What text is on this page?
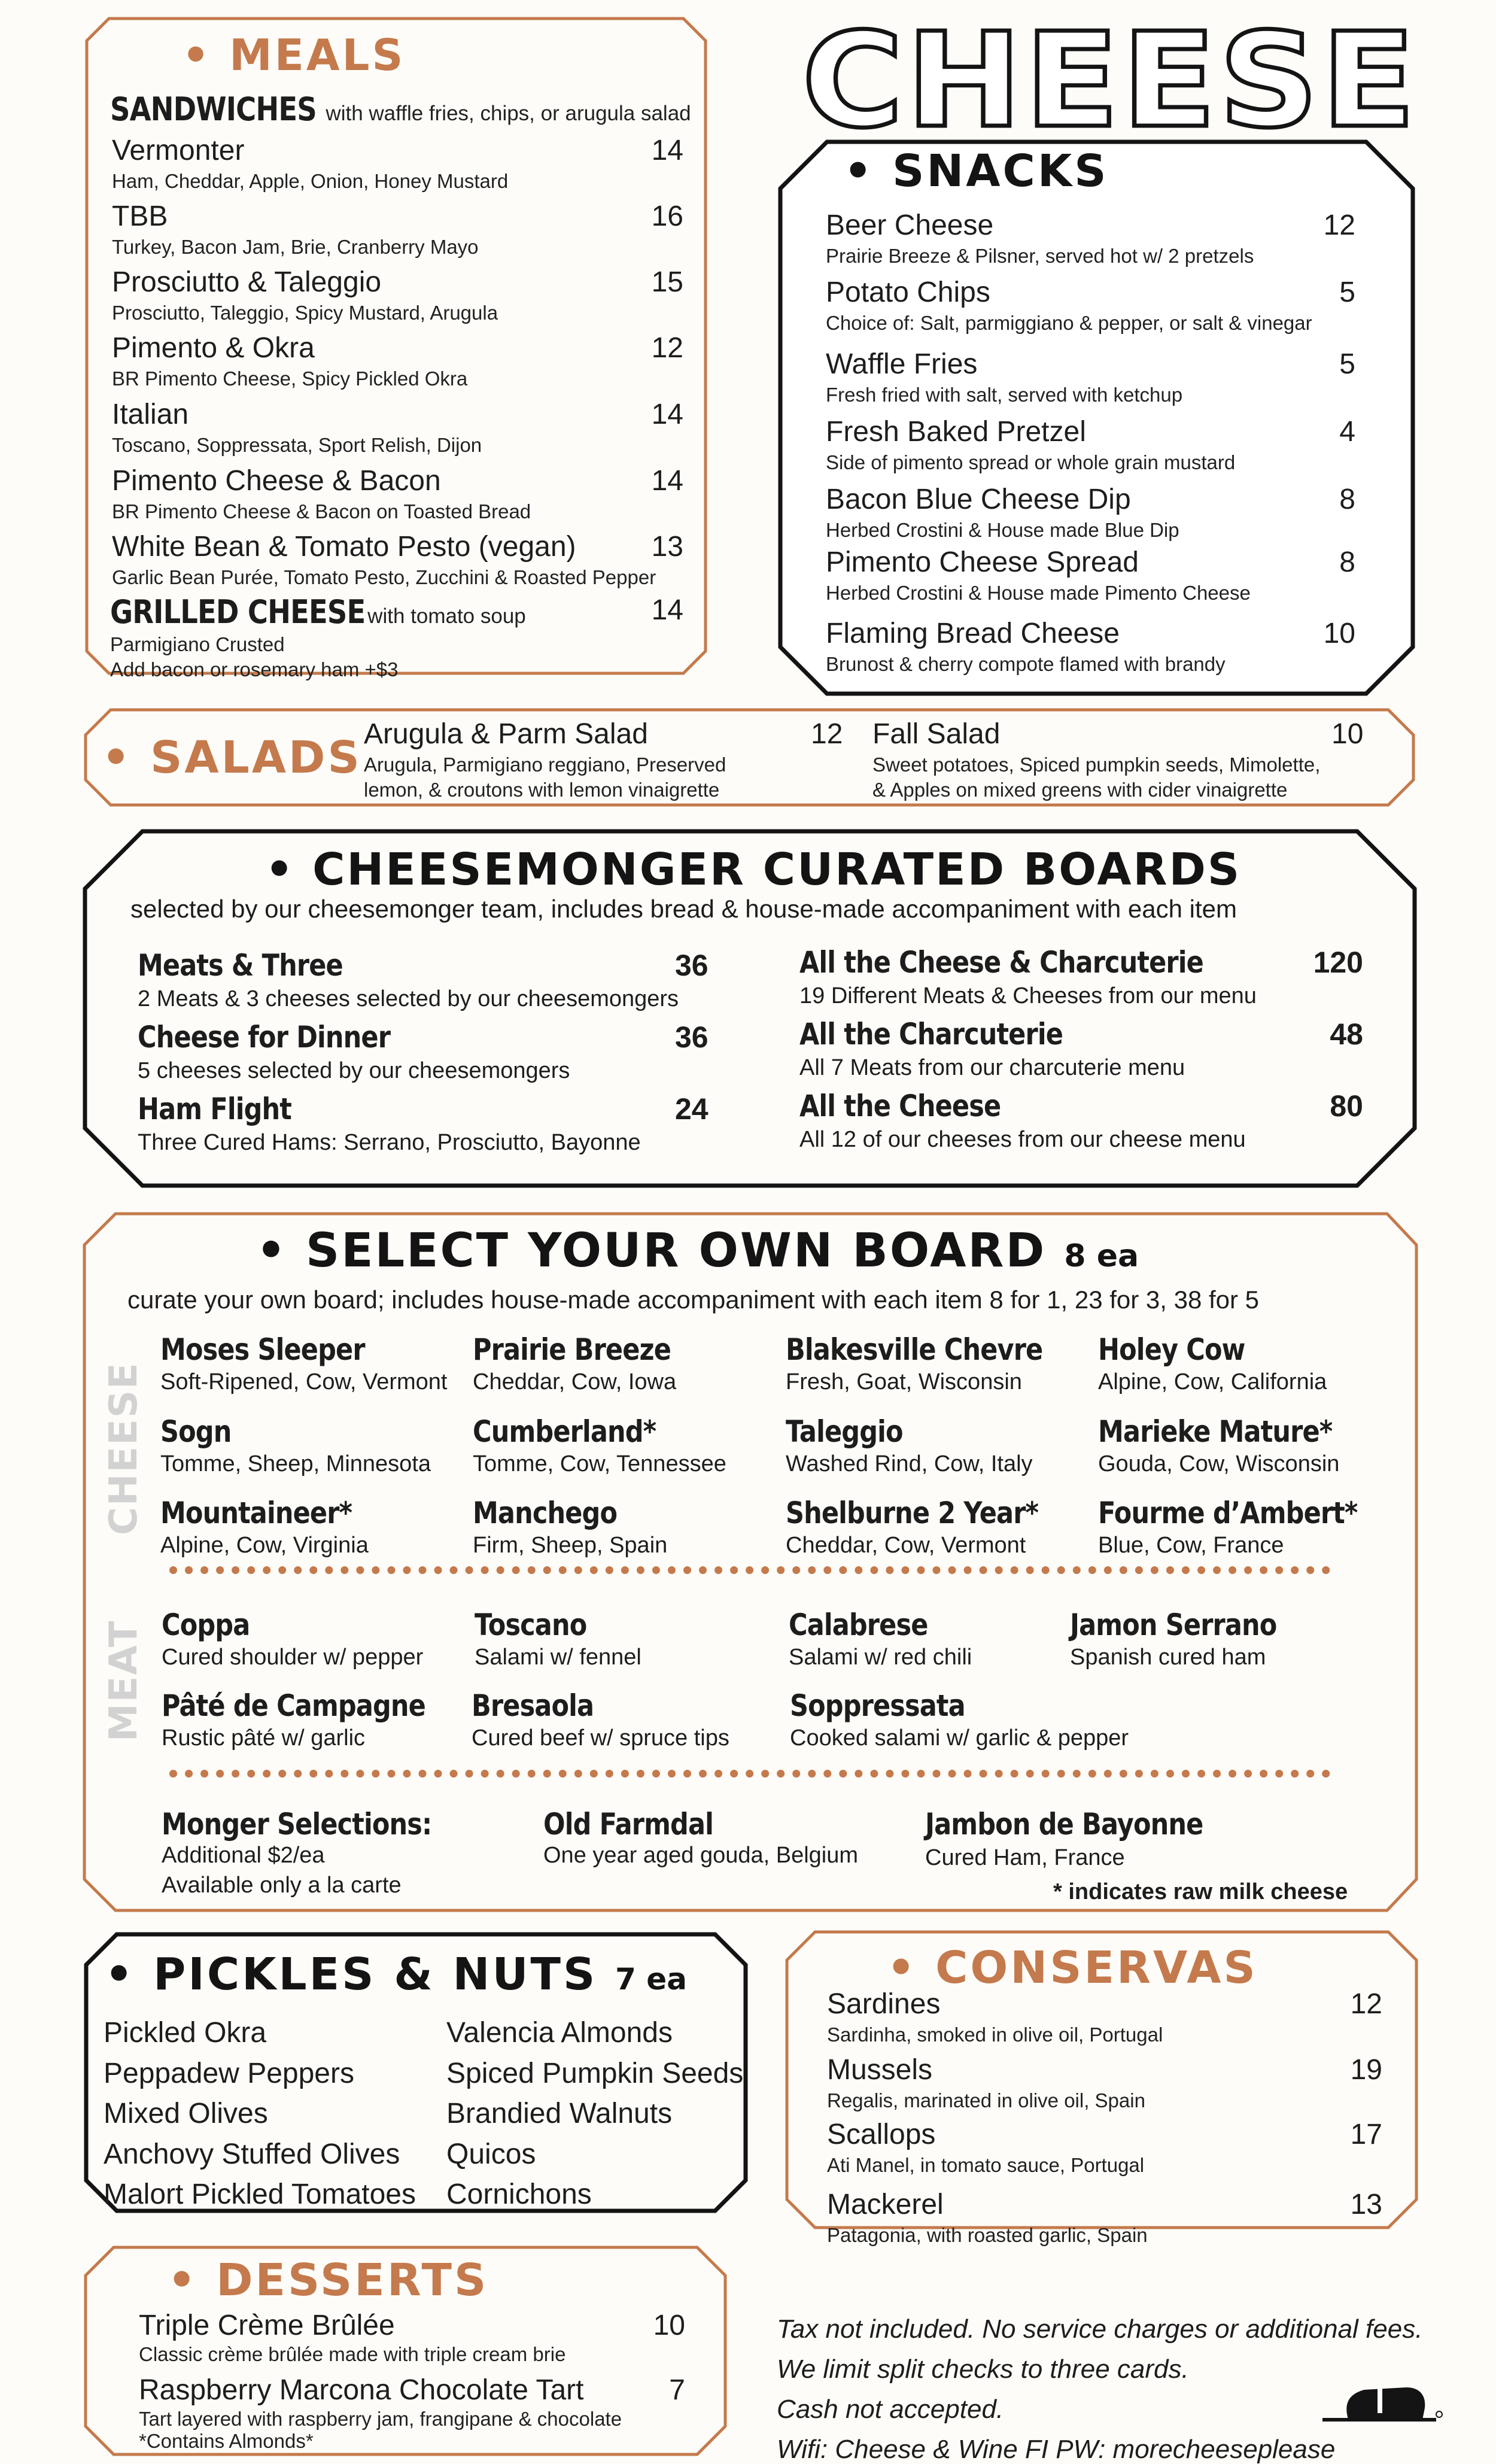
CHEESE
• MEALS
SANDWICHES with waffle fries, chips, or arugula salad
Vermonter	14
Ham, Cheddar, Apple, Onion, Honey Mustard
TBB	16
Turkey, Bacon Jam, Brie, Cranberry Mayo
Prosciutto & Taleggio	15
Prosciutto, Taleggio, Spicy Mustard, Arugula
Pimento & Okra	12
BR Pimento Cheese, Spicy Pickled Okra
Italian	14
Toscano, Soppressata, Sport Relish, Dijon
Pimento Cheese & Bacon	14
BR Pimento Cheese & Bacon on Toasted Bread
White Bean & Tomato Pesto (vegan)	13
Garlic Bean Purée, Tomato Pesto, Zucchini & Roasted Pepper
GRILLED CHEESE with tomato soup	14
Parmigiano Crusted
Add bacon or rosemary ham +$3
• SNACKS
Beer Cheese	12
Prairie Breeze & Pilsner, served hot w/ 2 pretzels
Potato Chips	5
Choice of: Salt, parmiggiano & pepper, or salt & vinegar
Waffle Fries	5
Fresh fried with salt, served with ketchup
Fresh Baked Pretzel	4
Side of pimento spread or whole grain mustard
Bacon Blue Cheese Dip	8
Herbed Crostini & House made Blue Dip
Pimento Cheese Spread	8
Herbed Crostini & House made Pimento Cheese
Flaming Bread Cheese	10
Brunost & cherry compote flamed with brandy
• SALADS Arugula & Parm Salad	12
Arugula, Parmigiano reggiano, Preserved
lemon, & croutons with lemon vinaigrette
Fall Salad	10
Sweet potatoes, Spiced pumpkin seeds, Mimolette,
& Apples on mixed greens with cider vinaigrette
• CHEESEMONGER CURATED BOARDS
selected by our cheesemonger team, includes bread & house-made accompaniment with each item
Meats & Three	36
2 Meats & 3 cheeses selected by our cheesemongers
Cheese for Dinner	36
5 cheeses selected by our cheesemongers
Ham Flight	24
Three Cured Hams: Serrano, Prosciutto, Bayonne
All the Cheese & Charcuterie	120
19 Different Meats & Cheeses from our menu
All the Charcuterie	48
All 7 Meats from our charcuterie menu
All the Cheese	80
All 12 of our cheeses from our cheese menu
• SELECT YOUR OWN BOARD 8 ea
curate your own board; includes house-made accompaniment with each item 8 for 1, 23 for 3, 38 for 5
CHEESE
MEAT
Moses Sleeper
Soft-Ripened, Cow, Vermont
Prairie Breeze
Cheddar, Cow, Iowa
Blakesville Chevre
Fresh, Goat, Wisconsin
Holey Cow
Alpine, Cow, California
Sogn
Tomme, Sheep, Minnesota
Cumberland*
Tomme, Cow, Tennessee
Taleggio
Washed Rind, Cow, Italy
Marieke Mature*
Gouda, Cow, Wisconsin
Mountaineer*
Alpine, Cow, Virginia
Manchego
Firm, Sheep, Spain
Shelburne 2 Year*
Cheddar, Cow, Vermont
Fourme d’Ambert*
Blue, Cow, France
Coppa
Cured shoulder w/ pepper
Toscano
Salami w/ fennel
Calabrese
Salami w/ red chili
Jamon Serrano
Spanish cured ham
Pâté de Campagne
Rustic pâté w/ garlic
Bresaola
Cured beef w/ spruce tips
Soppressata
Cooked salami w/ garlic & pepper
Monger Selections:
Additional $2/ea
Available only a la carte
Old Farmdal
One year aged gouda, Belgium
Jambon de Bayonne
Cured Ham, France
* indicates raw milk cheese
• PICKLES & NUTS 7 ea
Pickled Okra
Peppadew Peppers
Mixed Olives
Anchovy Stuffed Olives
Malort Pickled Tomatoes
Valencia Almonds
Spiced Pumpkin Seeds
Brandied Walnuts
Quicos
Cornichons
• CONSERVAS
Sardines	12
Sardinha, smoked in olive oil, Portugal
Mussels	19
Regalis, marinated in olive oil, Spain
Scallops	17
Ati Manel, in tomato sauce, Portugal
Mackerel	13
Patagonia, with roasted garlic, Spain
• DESSERTS
Triple Crème Brûlée	10
Classic crème brûlée made with triple cream brie
Raspberry Marcona Chocolate Tart	7
Tart layered with raspberry jam, frangipane & chocolate
*Contains Almonds*
Tax not included. No service charges or additional fees.
We limit split checks to three cards.
Cash not accepted.
Wifi: Cheese & Wine FI PW: morecheeseplease
